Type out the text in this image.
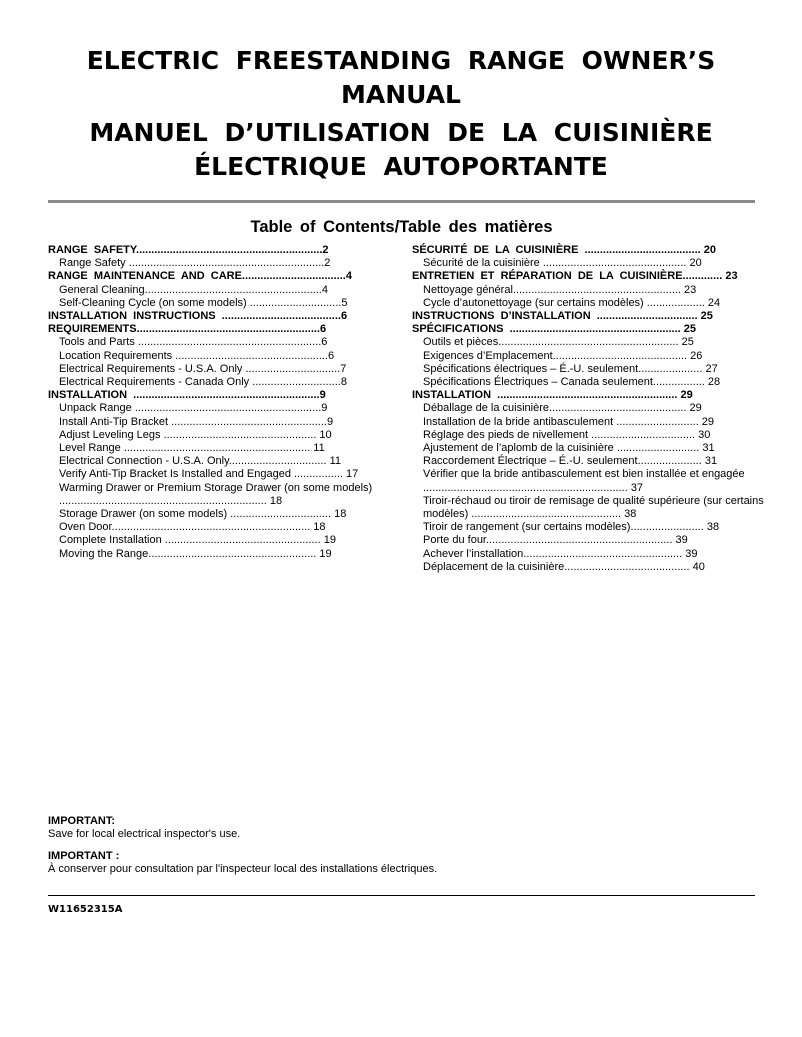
ELECTRIC FREESTANDING RANGE OWNER’S MANUAL
MANUEL D’UTILISATION DE LA CUISINIÈRE ÉLECTRIQUE AUTOPORTANTE
Table of Contents/Table des matières
RANGE  SAFETY.............................................................2
Range Safety ................................................................2
RANGE  MAINTENANCE  AND  CARE..................................4
General Cleaning..........................................................4
Self-Cleaning Cycle (on some models) ..............................5
INSTALLATION  INSTRUCTIONS  .......................................6
REQUIREMENTS............................................................6
Tools and Parts ............................................................6
Location Requirements ..................................................6
Electrical Requirements - U.S.A. Only ...............................7
Electrical Requirements - Canada Only .............................8
INSTALLATION  .............................................................9
Unpack Range .............................................................9
Install Anti-Tip Bracket ...................................................9
Adjust Leveling Legs .................................................. 10
Level Range ............................................................. 11
Electrical Connection - U.S.A. Only................................ 11
Verify Anti-Tip Bracket Is Installed and Engaged ................ 17
Warming Drawer or Premium Storage Drawer (on some models) .................................................................... 18
Storage Drawer (on some models) ................................. 18
Oven Door................................................................. 18
Complete Installation ................................................... 19
Moving the Range....................................................... 19
SÉCURITÉ  DE  LA  CUISINIÈRE  ...................................... 20
Sécurité de la cuisinière ............................................... 20
ENTRETIEN  ET  RÉPARATION  DE  LA  CUISINIÈRE............. 23
Nettoyage général....................................................... 23
Cycle d’autonettoyage (sur certains modèles) ................... 24
INSTRUCTIONS  D’INSTALLATION  ................................. 25
SPÉCIFICATIONS  ........................................................ 25
Outils et pièces........................................................... 25
Exigences d’Emplacement............................................ 26
Spécifications électriques – É.-U. seulement..................... 27
Spécifications Électriques – Canada seulement................. 28
INSTALLATION  ........................................................... 29
Déballage de la cuisinière............................................. 29
Installation de la bride antibasculement ........................... 29
Réglage des pieds de nivellement .................................. 30
Ajustement de l’aplomb de la cuisinière ........................... 31
Raccordement Électrique – É.-U. seulement..................... 31
Vérifier que la bride antibasculement est bien installée et engagée ................................................................... 37
Tiroir-réchaud ou tiroir de remisage de qualité supérieure (sur certains modèles) ................................................. 38
Tiroir de rangement (sur certains modèles)........................ 38
Porte du four............................................................. 39
Achever l’installation.................................................... 39
Déplacement de la cuisinière......................................... 40
IMPORTANT:
Save for local electrical inspector's use.
IMPORTANT :
À conserver pour consultation par l'inspecteur local des installations électriques.
W11652315A
